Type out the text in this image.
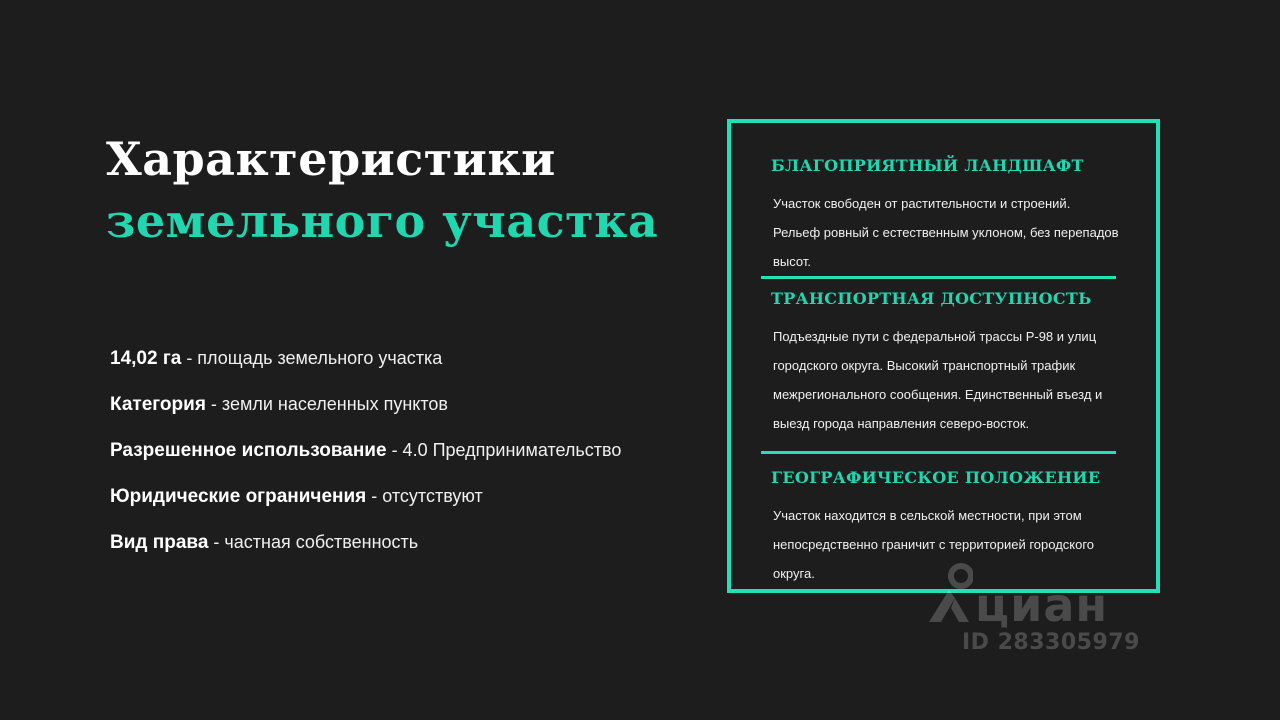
Характеристики
земельного участка
14,02 га - площадь земельного участка
Категория - земли населенных пунктов
Разрешенное использование - 4.0 Предпринимательство
Юридические ограничения - отсутствуют
Вид права - частная собственность
БЛАГОПРИЯТНЫЙ ЛАНДШАФТ

Участок свободен от растительности и строений. Рельеф ровный с естественным уклоном, без перепадов высот.

ТРАНСПОРТНАЯ ДОСТУПНОСТЬ

Подъездные пути с федеральной трассы Р-98 и улиц городского округа. Высокий транспортный трафик межрегионального сообщения. Единственный въезд и выезд города направления северо-восток.

ГЕОГРАФИЧЕСКОЕ ПОЛОЖЕНИЕ

Участок находится в сельской местности, при этом непосредственно граничит с территорией городского округа.

циан
ID 283305979
